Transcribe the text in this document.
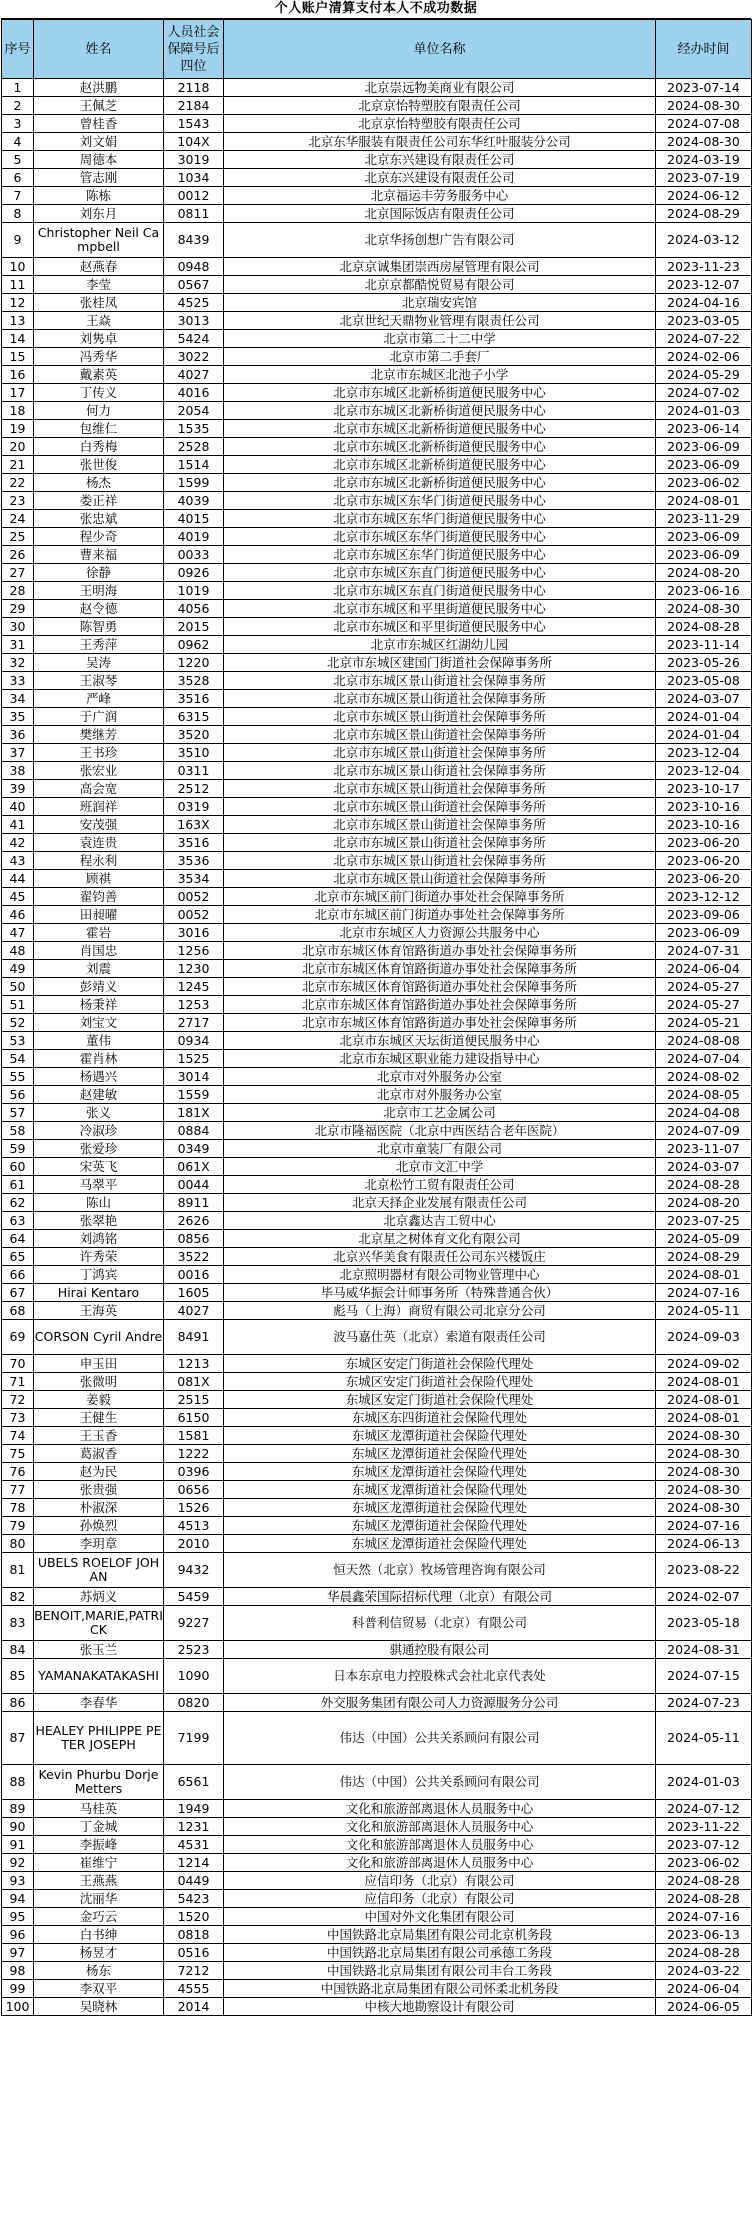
个人账户清算支付本人不成功数据
序号	姓名	人员社会保障号后四位	单位名称	经办时间
1	赵洪鹏	2118	北京崇远物美商业有限公司	2023-07-14
2	王佩芝	2184	北京京怡特塑胶有限责任公司	2024-08-30
3	曾桂香	1543	北京京怡特塑胶有限责任公司	2024-07-08
4	刘文娟	104X	北京东华服装有限责任公司东华红叶服装分公司	2024-08-30
5	周德本	3019	北京东兴建设有限责任公司	2024-03-19
6	管志刚	1034	北京东兴建设有限责任公司	2023-07-19
7	陈栋	0012	北京福运丰劳务服务中心	2024-06-12
8	刘东月	0811	北京国际饭店有限责任公司	2024-08-29
9	Christopher Neil Campbell	8439	北京华扬创想广告有限公司	2024-03-12
10	赵燕春	0948	北京京诚集团崇西房屋管理有限公司	2023-11-23
11	李莹	0567	北京京都酷悦贸易有限公司	2023-12-07
12	张桂凤	4525	北京瑞安宾馆	2024-04-16
13	王焱	3013	北京世纪天鼎物业管理有限责任公司	2023-03-05
14	刘隽卓	5424	北京市第二十二中学	2024-07-22
15	冯秀华	3022	北京市第二手套厂	2024-02-06
16	戴素英	4027	北京市东城区北池子小学	2024-05-29
17	丁传义	4016	北京市东城区北新桥街道便民服务中心	2024-07-02
18	何力	2054	北京市东城区北新桥街道便民服务中心	2024-01-03
19	包维仁	1535	北京市东城区北新桥街道便民服务中心	2023-06-14
20	白秀梅	2528	北京市东城区北新桥街道便民服务中心	2023-06-09
21	张世俊	1514	北京市东城区北新桥街道便民服务中心	2023-06-09
22	杨杰	1599	北京市东城区北新桥街道便民服务中心	2023-06-02
23	娄正祥	4039	北京市东城区东华门街道便民服务中心	2024-08-01
24	张忠斌	4015	北京市东城区东华门街道便民服务中心	2023-11-29
25	程少奇	4019	北京市东城区东华门街道便民服务中心	2023-06-09
26	曹来福	0033	北京市东城区东华门街道便民服务中心	2023-06-09
27	徐静	0926	北京市东城区东直门街道便民服务中心	2024-08-20
28	王明海	1019	北京市东城区东直门街道便民服务中心	2023-06-16
29	赵令德	4056	北京市东城区和平里街道便民服务中心	2024-08-30
30	陈智勇	2015	北京市东城区和平里街道便民服务中心	2024-08-28
31	王秀萍	0962	北京市东城区红湖幼儿园	2023-11-14
32	吴涛	1220	北京市东城区建国门街道社会保障事务所	2023-05-26
33	王淑琴	3528	北京市东城区景山街道社会保障事务所	2023-05-08
34	严峰	3516	北京市东城区景山街道社会保障事务所	2024-03-07
35	于广润	6315	北京市东城区景山街道社会保障事务所	2024-01-04
36	樊继芳	3520	北京市东城区景山街道社会保障事务所	2024-01-04
37	王书珍	3510	北京市东城区景山街道社会保障事务所	2023-12-04
38	张宏业	0311	北京市东城区景山街道社会保障事务所	2023-12-04
39	高会宽	2512	北京市东城区景山街道社会保障事务所	2023-10-17
40	班润祥	0319	北京市东城区景山街道社会保障事务所	2023-10-16
41	安茂强	163X	北京市东城区景山街道社会保障事务所	2023-10-16
42	袁连贵	3516	北京市东城区景山街道社会保障事务所	2023-06-20
43	程永利	3536	北京市东城区景山街道社会保障事务所	2023-06-20
44	顾祺	3534	北京市东城区景山街道社会保障事务所	2023-06-20
45	翟钧善	0052	北京市东城区前门街道办事处社会保障事务所	2023-12-12
46	田昶曜	0052	北京市东城区前门街道办事处社会保障事务所	2023-09-06
47	霍岩	3016	北京市东城区人力资源公共服务中心	2023-06-09
48	肖国忠	1256	北京市东城区体育馆路街道办事处社会保障事务所	2024-07-31
49	刘震	1230	北京市东城区体育馆路街道办事处社会保障事务所	2024-06-04
50	彭靖义	1245	北京市东城区体育馆路街道办事处社会保障事务所	2024-05-27
51	杨秉祥	1253	北京市东城区体育馆路街道办事处社会保障事务所	2024-05-27
52	刘宝文	2717	北京市东城区体育馆路街道办事处社会保障事务所	2024-05-21
53	董伟	0934	北京市东城区天坛街道便民服务中心	2024-08-08
54	霍肖林	1525	北京市东城区职业能力建设指导中心	2024-07-04
55	杨遇兴	3014	北京市对外服务办公室	2024-08-02
56	赵建敏	1559	北京市对外服务办公室	2024-08-05
57	张义	181X	北京市工艺金属公司	2024-04-08
58	冷淑珍	0884	北京市隆福医院（北京中西医结合老年医院）	2024-07-09
59	张爱珍	0349	北京市童装厂有限公司	2023-11-07
60	宋英飞	061X	北京市文汇中学	2024-03-07
61	马翠平	0044	北京松竹工贸有限责任公司	2024-08-28
62	陈山	8911	北京天择企业发展有限责任公司	2024-08-20
63	张翠艳	2626	北京鑫达吉工贸中心	2023-07-25
64	刘鸿铭	0856	北京星之树体育文化有限公司	2024-05-09
65	许秀荣	3522	北京兴华美食有限责任公司东兴楼饭庄	2024-08-29
66	丁鸿宾	0016	北京照明器材有限公司物业管理中心	2024-08-01
67	Hirai Kentaro	1605	毕马威华振会计师事务所（特殊普通合伙）	2024-07-16
68	王海英	4027	彪马（上海）商贸有限公司北京分公司	2024-05-11
69	CORSON Cyril Andre	8491	波马嘉仕英（北京）索道有限责任公司	2024-09-03
70	申玉田	1213	东城区安定门街道社会保险代理处	2024-09-02
71	张微明	081X	东城区安定门街道社会保险代理处	2024-08-01
72	姜毅	2515	东城区安定门街道社会保险代理处	2024-08-01
73	王健生	6150	东城区东四街道社会保险代理处	2024-08-01
74	王玉香	1581	东城区龙潭街道社会保险代理处	2024-08-30
75	葛淑香	1222	东城区龙潭街道社会保险代理处	2024-08-30
76	赵为民	0396	东城区龙潭街道社会保险代理处	2024-08-30
77	张贵强	0656	东城区龙潭街道社会保险代理处	2024-08-30
78	朴淑深	1526	东城区龙潭街道社会保险代理处	2024-08-30
79	孙焕烈	4513	东城区龙潭街道社会保险代理处	2024-07-16
80	李玥章	2010	东城区龙潭街道社会保险代理处	2024-06-13
81	UBELS ROELOF JOHAN	9432	恒天然（北京）牧场管理咨询有限公司	2023-08-22
82	苏炳义	5459	华晨鑫荣国际招标代理（北京）有限公司	2024-02-07
83	BENOIT,MARIE,PATRICK	9227	科普利信贸易（北京）有限公司	2023-05-18
84	张玉兰	2523	骐通控股有限公司	2024-08-31
85	YAMANAKATAKASHI	1090	日本东京电力控股株式会社北京代表处	2024-07-15
86	李春华	0820	外交服务集团有限公司人力资源服务分公司	2024-07-23
87	HEALEY PHILIPPE PETER JOSEPH	7199	伟达（中国）公共关系顾问有限公司	2024-05-11
88	Kevin Phurbu Dorje Metters	6561	伟达（中国）公共关系顾问有限公司	2024-01-03
89	马桂英	1949	文化和旅游部离退休人员服务中心	2024-07-12
90	丁金城	1231	文化和旅游部离退休人员服务中心	2023-11-22
91	李振峰	4531	文化和旅游部离退休人员服务中心	2023-07-12
92	崔维宁	1214	文化和旅游部离退休人员服务中心	2023-06-02
93	王燕燕	0449	应信印务（北京）有限公司	2024-08-28
94	沈丽华	5423	应信印务（北京）有限公司	2024-08-28
95	金巧云	1520	中国对外文化集团有限公司	2024-07-16
96	白书绅	0818	中国铁路北京局集团有限公司北京机务段	2023-06-13
97	杨昱才	0516	中国铁路北京局集团有限公司承德工务段	2024-08-28
98	杨东	7212	中国铁路北京局集团有限公司丰台工务段	2024-03-22
99	李双平	4555	中国铁路北京局集团有限公司怀柔北机务段	2024-06-04
100	吴晓林	2014	中核大地勘察设计有限公司	2024-06-05
